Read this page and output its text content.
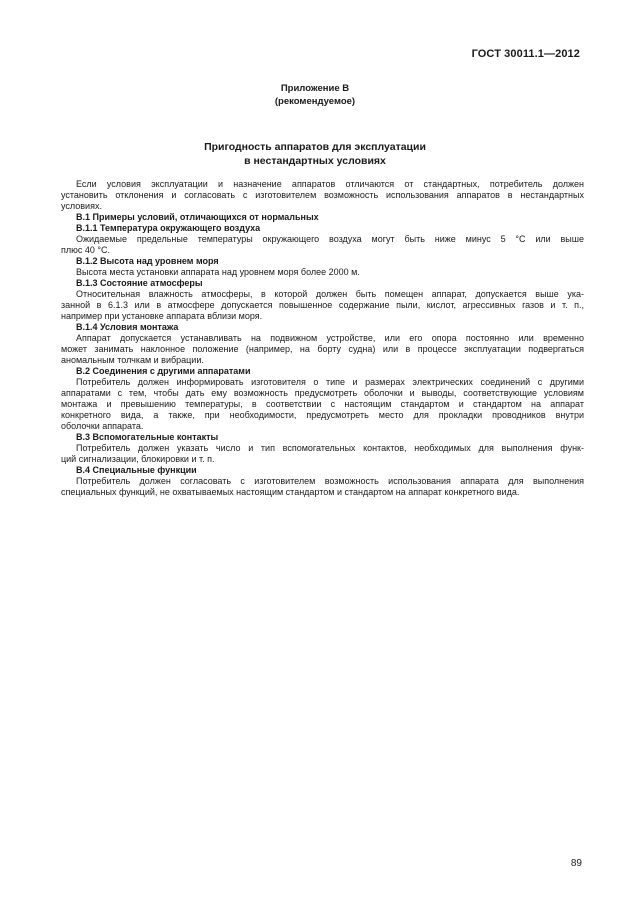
ГОСТ 30011.1—2012
Приложение В
(рекомендуемое)
Пригодность аппаратов для эксплуатации
в нестандартных условиях
Если условия эксплуатации и назначение аппаратов отличаются от стандартных, потребитель должен
установить отклонения и согласовать с изготовителем возможность использования аппаратов в нестандартных
условиях.
В.1 Примеры условий, отличающихся от нормальных
В.1.1 Температура окружающего воздуха
Ожидаемые предельные температуры окружающего воздуха могут быть ниже минус 5 °С или выше
плюс 40 °С.
В.1.2 Высота над уровнем моря
Высота места установки аппарата над уровнем моря более 2000 м.
В.1.3 Состояние атмосферы
Относительная влажность атмосферы, в которой должен быть помещен аппарат, допускается выше ука-
занной в 6.1.3 или в атмосфере допускается повышенное содержание пыли, кислот, агрессивных газов и т. п.,
например при установке аппарата вблизи моря.
В.1.4 Условия монтажа
Аппарат допускается устанавливать на подвижном устройстве, или его опора постоянно или временно
может занимать наклонное положение (например, на борту судна) или в процессе эксплуатации подвергаться
аномальным толчкам и вибрации.
В.2 Соединения с другими аппаратами
Потребитель должен информировать изготовителя о типе и размерах электрических соединений с другими
аппаратами с тем, чтобы дать ему возможность предусмотреть оболочки и выводы, соответствующие условиям
монтажа и превышению температуры, в соответствии с настоящим стандартом и стандартом на аппарат
конкретного вида, а также, при необходимости, предусмотреть место для прокладки проводников внутри
оболочки аппарата.
В.3 Вспомогательные контакты
Потребитель должен указать число и тип вспомогательных контактов, необходимых для выполнения функ-
ций сигнализации, блокировки и т. п.
В.4 Специальные функции
Потребитель должен согласовать с изготовителем возможность использования аппарата для выполнения
специальных функций, не охватываемых настоящим стандартом и стандартом на аппарат конкретного вида.
89
